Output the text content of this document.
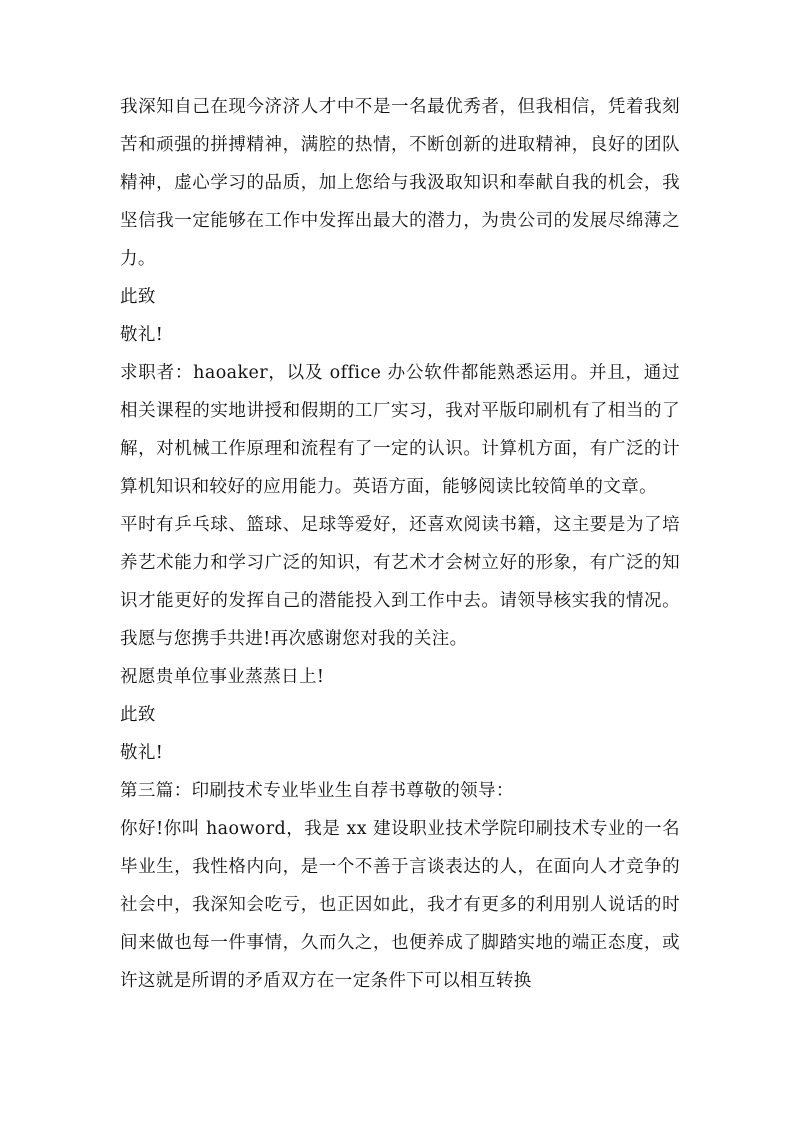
我深知自己在现今济济人才中不是一名最优秀者，但我相信，凭着我刻苦和顽强的拼搏精神，满腔的热情，不断创新的进取精神，良好的团队精神，虚心学习的品质，加上您给与我汲取知识和奉献自我的机会，我坚信我一定能够在工作中发挥出最大的潜力，为贵公司的发展尽绵薄之力。

此致

敬礼!

求职者：haoaker，以及 office 办公软件都能熟悉运用。并且，通过相关课程的实地讲授和假期的工厂实习，我对平版印刷机有了相当的了解，对机械工作原理和流程有了一定的认识。计算机方面，有广泛的计算机知识和较好的应用能力。英语方面，能够阅读比较简单的文章。

平时有乒乓球、篮球、足球等爱好，还喜欢阅读书籍，这主要是为了培养艺术能力和学习广泛的知识，有艺术才会树立好的形象，有广泛的知识才能更好的发挥自己的潜能投入到工作中去。请领导核实我的情况。我愿与您携手共进!再次感谢您对我的关注。

祝愿贵单位事业蒸蒸日上!

此致

敬礼!

第三篇：印刷技术专业毕业生自荐书尊敬的领导：

你好!你叫 haoword，我是 xx 建设职业技术学院印刷技术专业的一名毕业生，我性格内向，是一个不善于言谈表达的人，在面向人才竞争的社会中，我深知会吃亏，也正因如此，我才有更多的利用别人说话的时间来做也每一件事情，久而久之，也便养成了脚踏实地的端正态度，或许这就是所谓的矛盾双方在一定条件下可以相互转换
